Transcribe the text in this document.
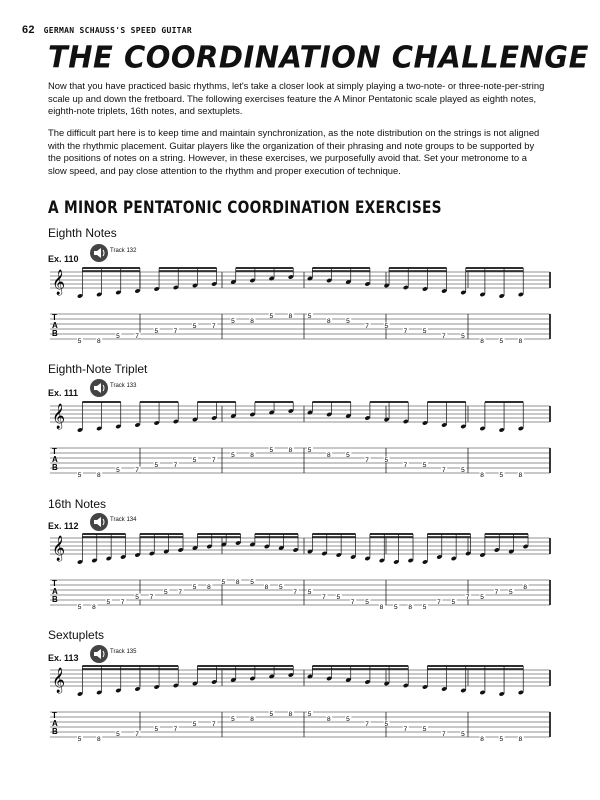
62 GERMAN SCHAUSS'S SPEED GUITAR
THE COORDINATION CHALLENGE

Now that you have practiced basic rhythms, let's take a closer look at simply playing a two-note- or three-note-per-string scale up and down the fretboard. The following exercises feature the A Minor Pentatonic scale played as eighth notes, eighth-note triplets, 16th notes, and sextuplets.

The difficult part here is to keep time and maintain synchronization, as the note distribution on the strings is not aligned with the rhythmic placement. Guitar players like the organization of their phrasing and note groups to be supported by the positions of notes on a string. However, in these exercises, we purposefully avoid that. Set your metronome to a slow speed, and pay close attention to the rhythm and proper execution of technique.

A MINOR PENTATONIC COORDINATION EXERCISES
Eighth Notes
Track 132
Ex. 110
𝄞
T
A
B
5 8
5 7
5 7
5 7
5 8
5 8 5
8 5
7 5
7 5
7 5
8 5 8
Eighth-Note Triplet
Track 133
Ex. 111
𝄞
T
A
B
5 8
5 7
5 7
5 7
5 8
5 8 5
8 5
7 5
7 5
7 5
8 5 8
16th Notes
Track 134
Ex. 112
𝄞
T
A
B
5 8
5 7
5 7
5 7
5 8
5 8 5
8 5
7 5
7 5
7 5
8 5 8 5
7 5
7 5
7 5
8
Sextuplets
Track 135
Ex. 113
𝄞
T
A
B
5 8
5 7
5 7
5 7
5 8
5 8 5
8 5
7 5
7 5
7 5
8 5 8
